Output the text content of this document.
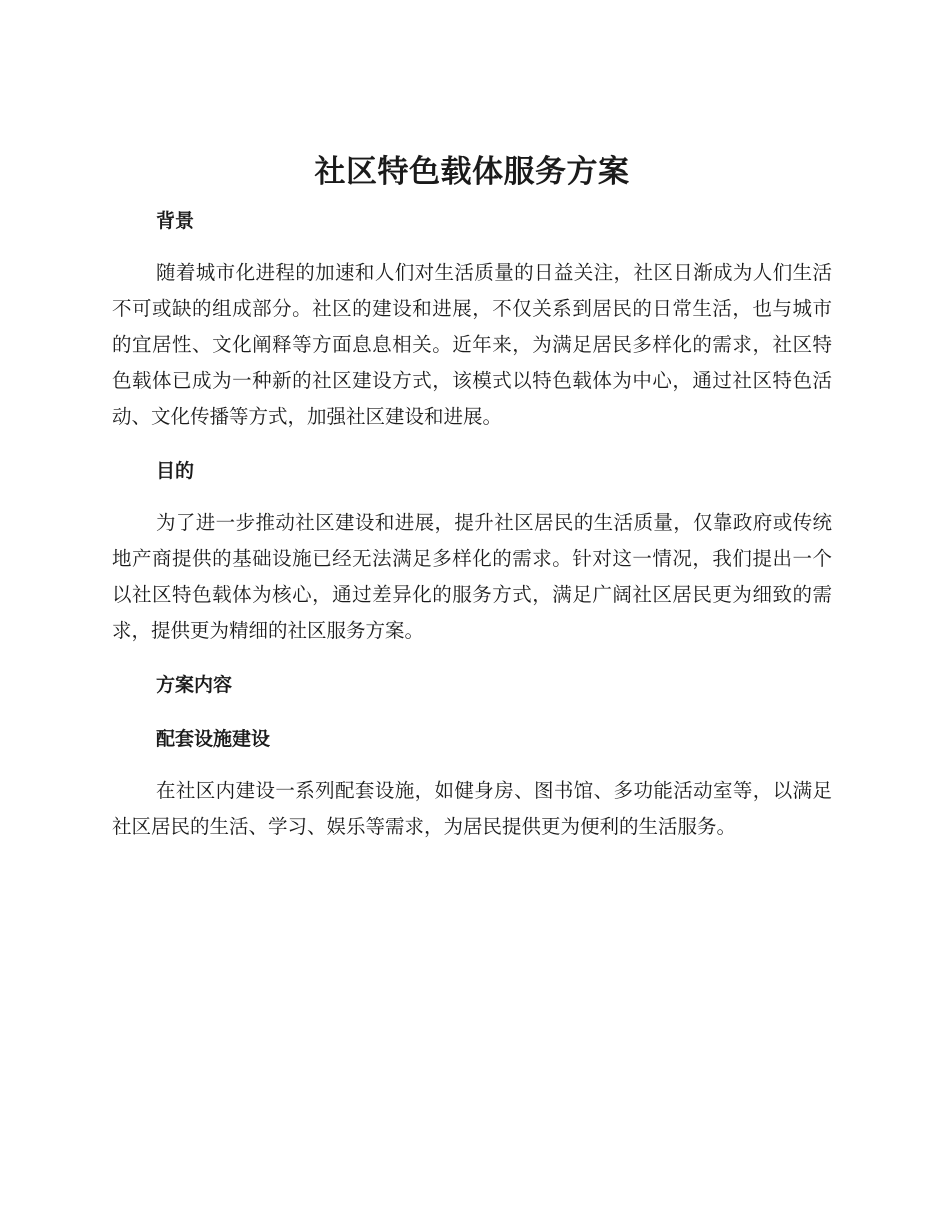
社区特色载体服务方案
背景

随着城市化进程的加速和人们对生活质量的日益关注，社区日渐成为人们生活不可或缺的组成部分。社区的建设和进展，不仅关系到居民的日常生活，也与城市的宜居性、文化阐释等方面息息相关。近年来，为满足居民多样化的需求，社区特色载体已成为一种新的社区建设方式，该模式以特色载体为中心，通过社区特色活动、文化传播等方式，加强社区建设和进展。

目的

为了进一步推动社区建设和进展，提升社区居民的生活质量，仅靠政府或传统地产商提供的基础设施已经无法满足多样化的需求。针对这一情况，我们提出一个以社区特色载体为核心，通过差异化的服务方式，满足广阔社区居民更为细致的需求，提供更为精细的社区服务方案。

方案内容
配套设施建设

在社区内建设一系列配套设施，如健身房、图书馆、多功能活动室等，以满足社区居民的生活、学习、娱乐等需求，为居民提供更为便利的生活服务。
